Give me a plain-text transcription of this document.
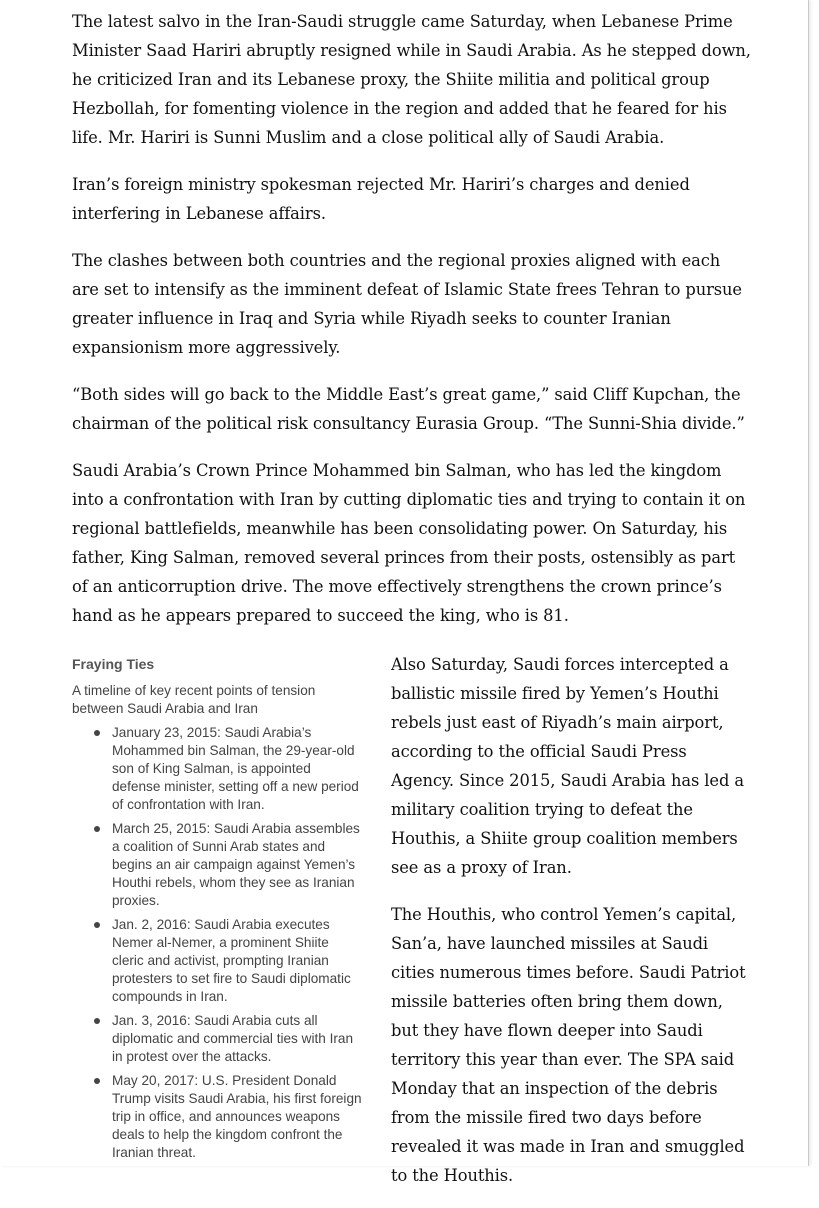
The latest salvo in the Iran-Saudi struggle came Saturday, when Lebanese Prime Minister Saad Hariri abruptly resigned while in Saudi Arabia. As he stepped down, he criticized Iran and its Lebanese proxy, the Shiite militia and political group Hezbollah, for fomenting violence in the region and added that he feared for his life. Mr. Hariri is Sunni Muslim and a close political ally of Saudi Arabia.

Iran’s foreign ministry spokesman rejected Mr. Hariri’s charges and denied interfering in Lebanese affairs.

The clashes between both countries and the regional proxies aligned with each are set to intensify as the imminent defeat of Islamic State frees Tehran to pursue greater influence in Iraq and Syria while Riyadh seeks to counter Iranian expansionism more aggressively.

“Both sides will go back to the Middle East’s great game,” said Cliff Kupchan, the chairman of the political risk consultancy Eurasia Group. “The Sunni-Shia divide.”

Saudi Arabia’s Crown Prince Mohammed bin Salman, who has led the kingdom into a confrontation with Iran by cutting diplomatic ties and trying to contain it on regional battlefields, meanwhile has been consolidating power. On Saturday, his father, King Salman, removed several princes from their posts, ostensibly as part of an anticorruption drive. The move effectively strengthens the crown prince’s hand as he appears prepared to succeed the king, who is 81.

Fraying Ties
A timeline of key recent points of tension between Saudi Arabia and Iran
January 23, 2015: Saudi Arabia’s Mohammed bin Salman, the 29-year-old son of King Salman, is appointed defense minister, setting off a new period of confrontation with Iran.
March 25, 2015: Saudi Arabia assembles a coalition of Sunni Arab states and begins an air campaign against Yemen’s Houthi rebels, whom they see as Iranian proxies.
Jan. 2, 2016: Saudi Arabia executes Nemer al-Nemer, a prominent Shiite cleric and activist, prompting Iranian protesters to set fire to Saudi diplomatic compounds in Iran.
Jan. 3, 2016: Saudi Arabia cuts all diplomatic and commercial ties with Iran in protest over the attacks.
May 20, 2017: U.S. President Donald Trump visits Saudi Arabia, his first foreign trip in office, and announces weapons deals to help the kingdom confront the Iranian threat.

Also Saturday, Saudi forces intercepted a ballistic missile fired by Yemen’s Houthi rebels just east of Riyadh’s main airport, according to the official Saudi Press Agency. Since 2015, Saudi Arabia has led a military coalition trying to defeat the Houthis, a Shiite group coalition members see as a proxy of Iran.

The Houthis, who control Yemen’s capital, San’a, have launched missiles at Saudi cities numerous times before. Saudi Patriot missile batteries often bring them down, but they have flown deeper into Saudi territory this year than ever. The SPA said Monday that an inspection of the debris from the missile fired two days before revealed it was made in Iran and smuggled to the Houthis.
